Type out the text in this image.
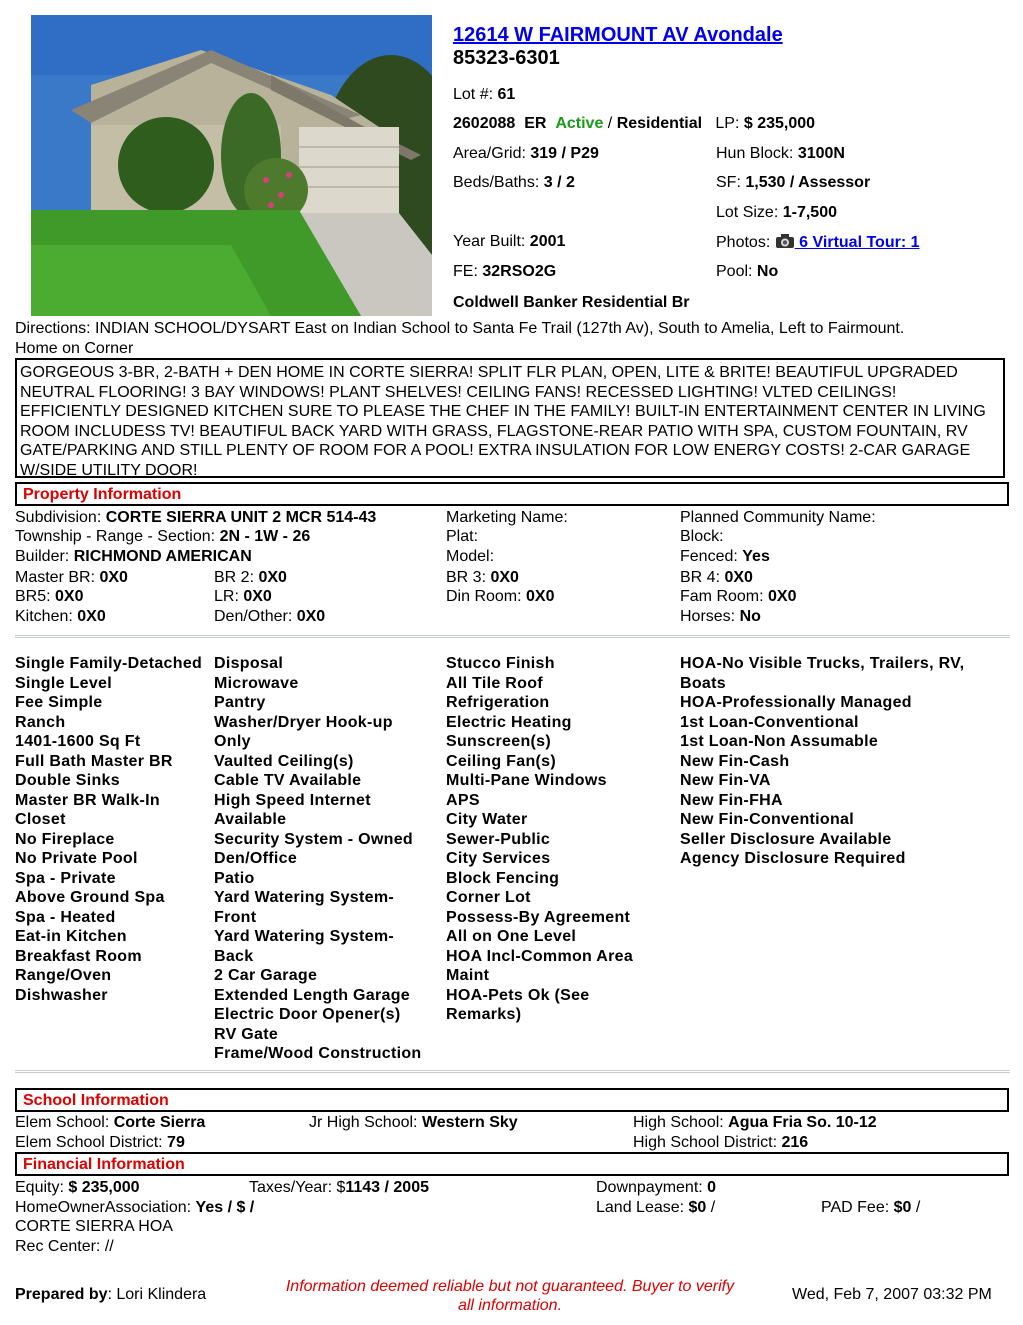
12614 W FAIRMOUNT AV Avondale
85323-6301
Lot #: 61
2602088 ER Active / Residential LP: $ 235,000
Area/Grid: 319 / P29	Hun Block: 3100N
Beds/Baths: 3 / 2	SF: 1,530 / Assessor
Lot Size: 1-7,500
Year Built: 2001	Photos:  6 Virtual Tour: 1
FE: 32RSO2G	Pool: No
Coldwell Banker Residential Br
Directions: INDIAN SCHOOL/DYSART East on Indian School to Santa Fe Trail (127th Av), South to Amelia, Left to Fairmount.
Home on Corner
GORGEOUS 3-BR, 2-BATH + DEN HOME IN CORTE SIERRA! SPLIT FLR PLAN, OPEN, LITE & BRITE! BEAUTIFUL UPGRADED NEUTRAL FLOORING! 3 BAY WINDOWS! PLANT SHELVES! CEILING FANS! RECESSED LIGHTING! VLTED CEILINGS! EFFICIENTLY DESIGNED KITCHEN SURE TO PLEASE THE CHEF IN THE FAMILY! BUILT-IN ENTERTAINMENT CENTER IN LIVING ROOM INCLUDESS TV! BEAUTIFUL BACK YARD WITH GRASS, FLAGSTONE-REAR PATIO WITH SPA, CUSTOM FOUNTAIN, RV GATE/PARKING AND STILL PLENTY OF ROOM FOR A POOL! EXTRA INSULATION FOR LOW ENERGY COSTS! 2-CAR GARAGE W/SIDE UTILITY DOOR!
Property Information
Subdivision: CORTE SIERRA UNIT 2 MCR 514-43
Township - Range - Section: 2N - 1W - 26
Builder: RICHMOND AMERICAN
Marketing Name:
Plat:
Model:
Planned Community Name:
Block:
Fenced: Yes
Master BR: 0X0	BR 2: 0X0	BR 3: 0X0	BR 4: 0X0
BR5: 0X0	LR: 0X0	Din Room: 0X0	Fam Room: 0X0
Kitchen: 0X0	Den/Other: 0X0	Horses: No
Single Family-Detached
Single Level
Fee Simple
Ranch
1401-1600 Sq Ft
Full Bath Master BR
Double Sinks
Master BR Walk-In
Closet
No Fireplace
No Private Pool
Spa - Private
Above Ground Spa
Spa - Heated
Eat-in Kitchen
Breakfast Room
Range/Oven
Dishwasher
Disposal
Microwave
Pantry
Washer/Dryer Hook-up
Only
Vaulted Ceiling(s)
Cable TV Available
High Speed Internet
Available
Security System - Owned
Den/Office
Patio
Yard Watering System-
Front
Yard Watering System-
Back
2 Car Garage
Extended Length Garage
Electric Door Opener(s)
RV Gate
Frame/Wood Construction
Stucco Finish
All Tile Roof
Refrigeration
Electric Heating
Sunscreen(s)
Ceiling Fan(s)
Multi-Pane Windows
APS
City Water
Sewer-Public
City Services
Block Fencing
Corner Lot
Possess-By Agreement
All on One Level
HOA Incl-Common Area
Maint
HOA-Pets Ok (See
Remarks)
HOA-No Visible Trucks, Trailers, RV,
Boats
HOA-Professionally Managed
1st Loan-Conventional
1st Loan-Non Assumable
New Fin-Cash
New Fin-VA
New Fin-FHA
New Fin-Conventional
Seller Disclosure Available
Agency Disclosure Required
School Information
Elem School: Corte Sierra	Jr High School: Western Sky	High School: Agua Fria So. 10-12
Elem School District: 79	High School District: 216
Financial Information
Equity: $ 235,000	Taxes/Year: $1143 / 2005	Downpayment: 0
HomeOwnerAssociation: Yes / $ /	Land Lease: $0 /	PAD Fee: $0 /
CORTE SIERRA HOA
Rec Center: //
Prepared by: Lori Klindera	Information deemed reliable but not guaranteed. Buyer to verify all information.
Wed, Feb 7, 2007 03:32 PM
